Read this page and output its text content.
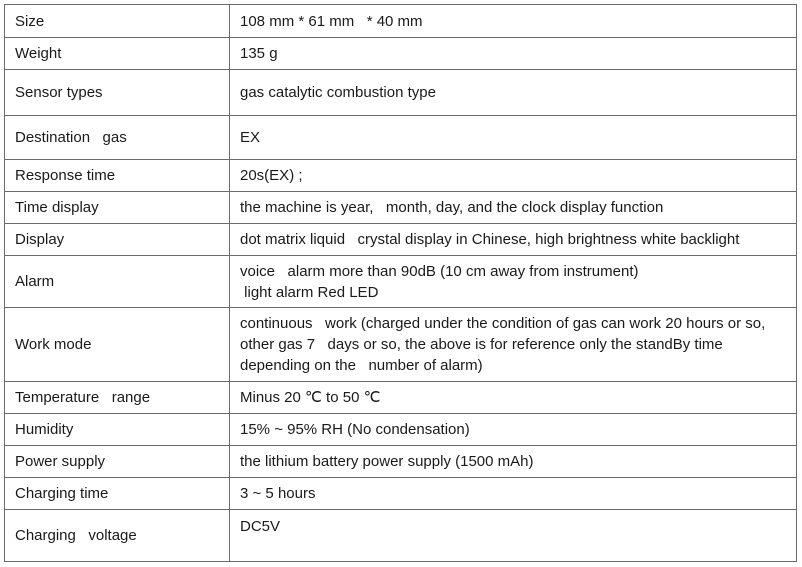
Size	108 mm * 61 mm   * 40 mm
Weight	135 g
Sensor types	gas catalytic combustion type
Destination   gas	EX
Response time	20s(EX) ;
Time display	the machine is year,   month, day, and the clock display function
Display	dot matrix liquid   crystal display in Chinese, high brightness white backlight
Alarm	voice   alarm more than 90dB (10 cm away from instrument)
light alarm Red LED
Work mode	continuous   work (charged under the condition of gas can work 20 hours or so, other gas 7   days or so, the above is for reference only the standBy time depending on the   number of alarm)
Temperature   range	Minus 20 ℃ to 50 ℃
Humidity	15% ~ 95% RH (No condensation)
Power supply	the lithium battery power supply (1500 mAh)
Charging time	3 ~ 5 hours
Charging   voltage	DC5V
